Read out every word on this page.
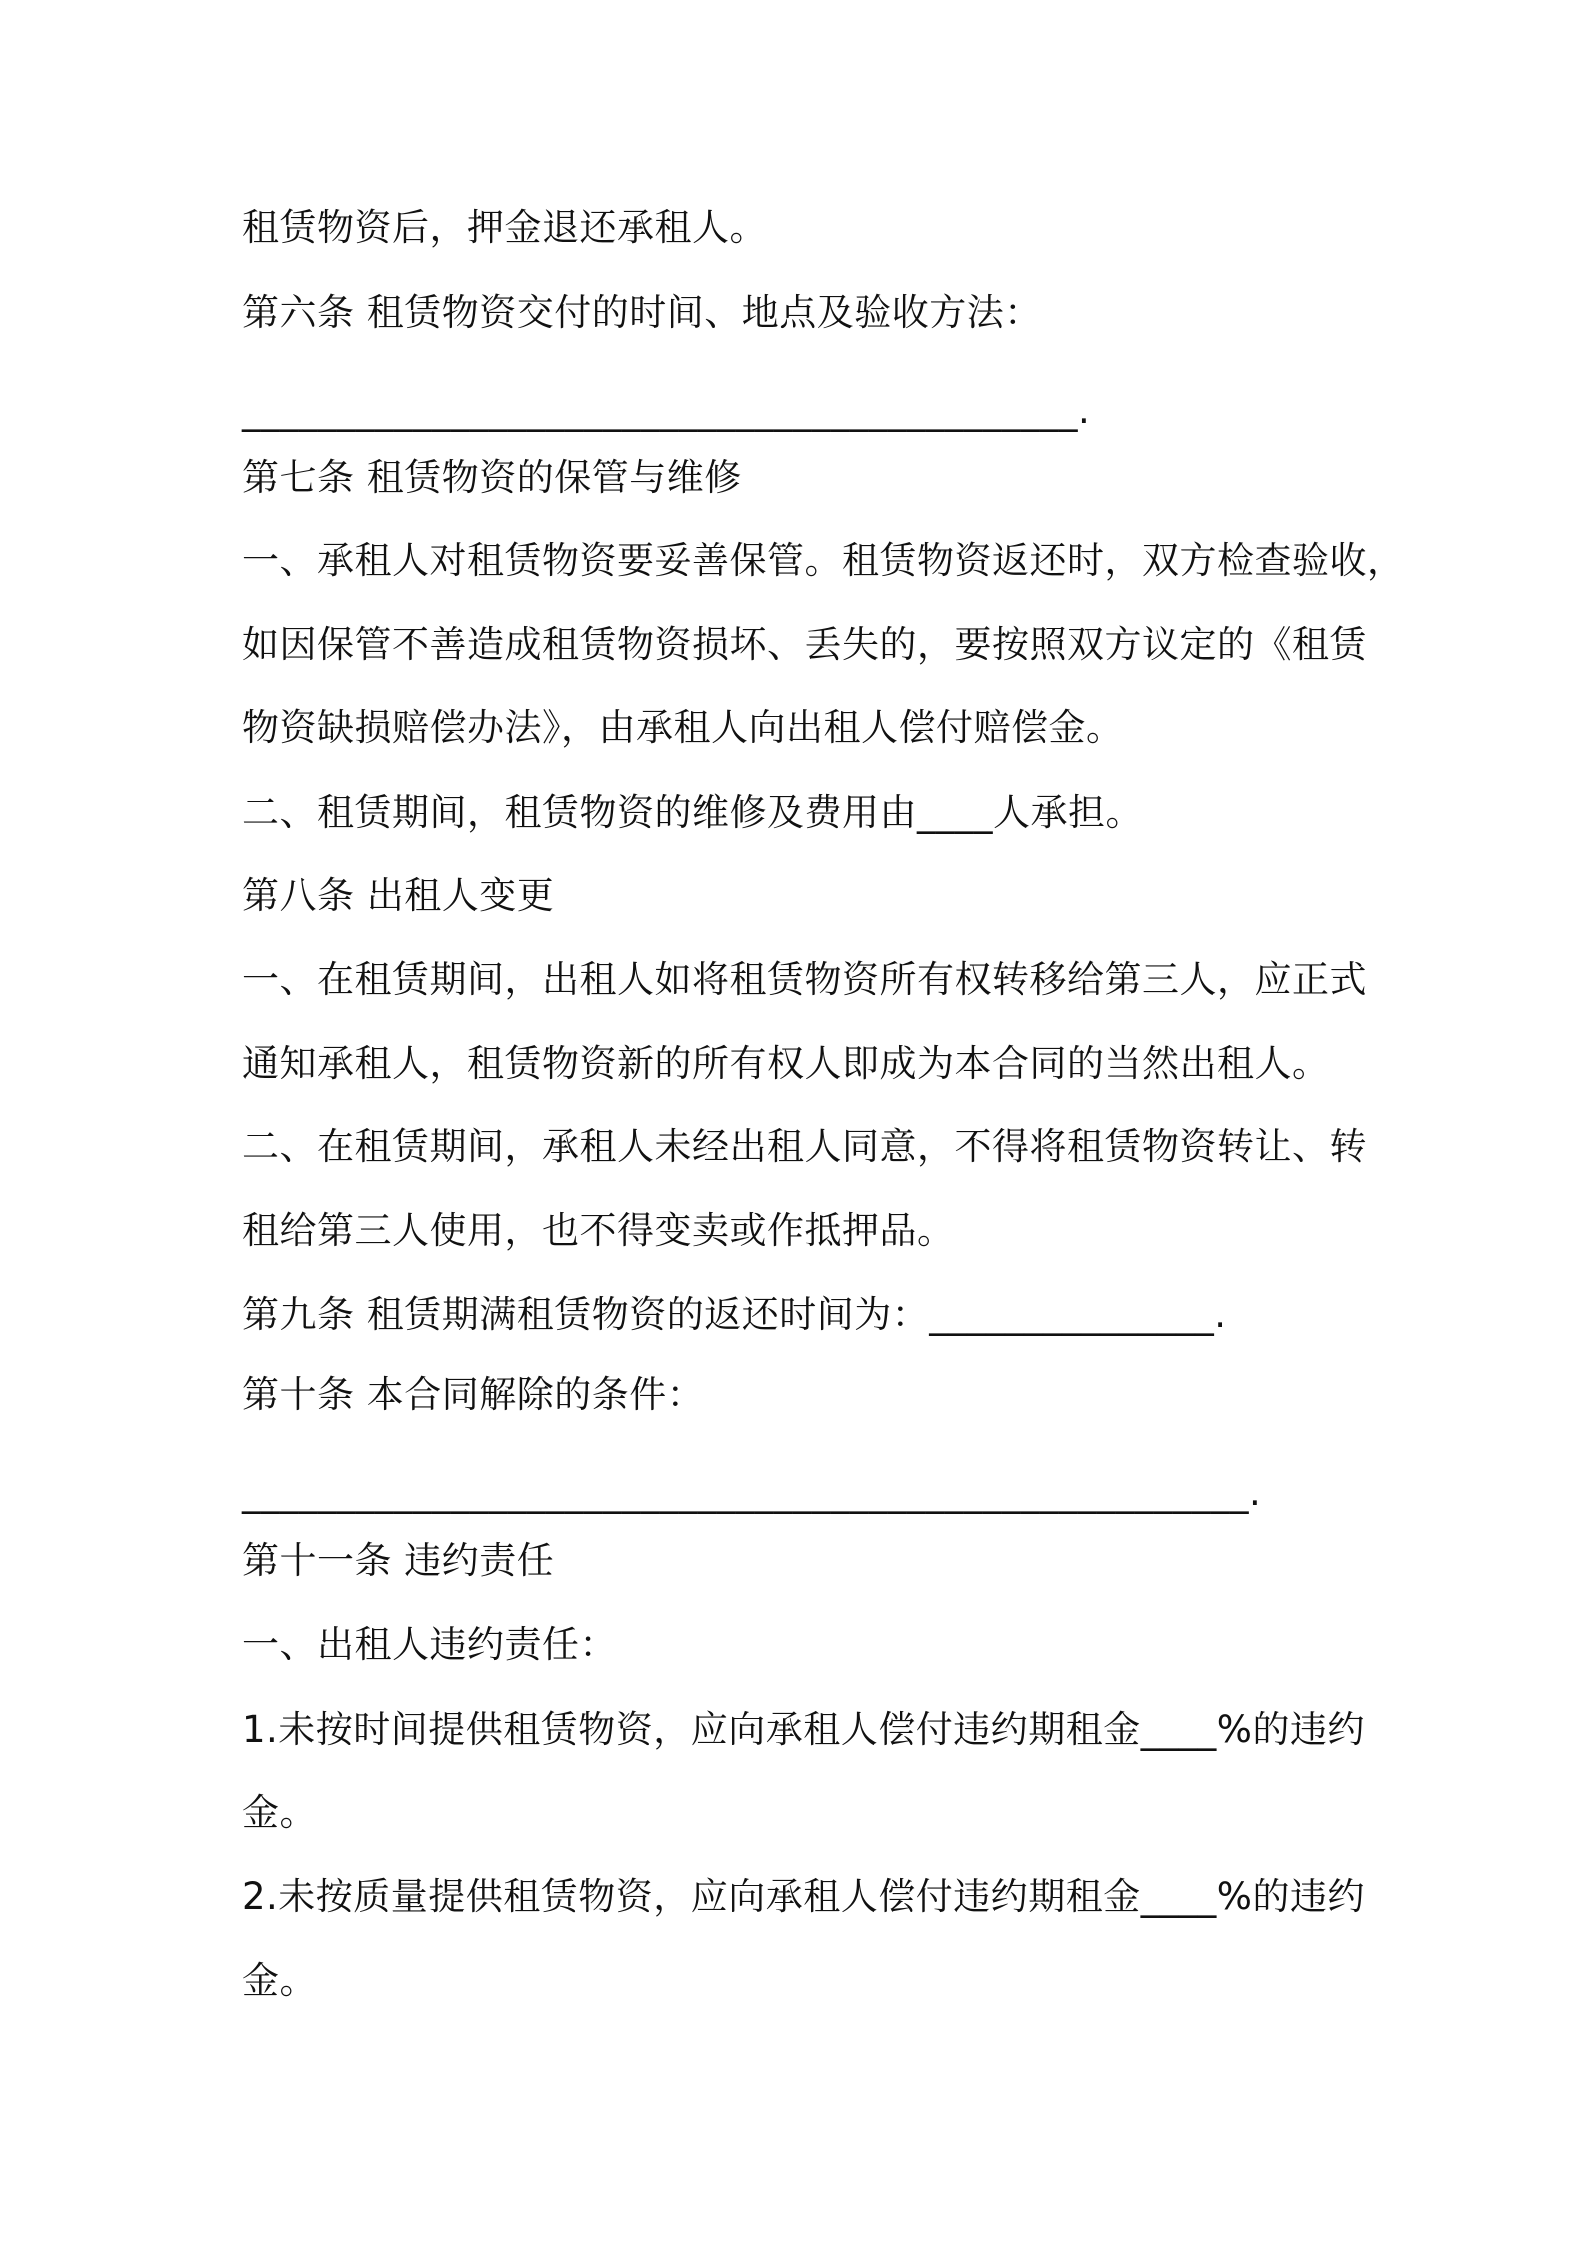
租赁物资后，押金退还承租人。
第六条 租赁物资交付的时间、地点及验收方法：
____________________________________________.
第七条 租赁物资的保管与维修
一、承租人对租赁物资要妥善保管。租赁物资返还时，双方检查验收，
如因保管不善造成租赁物资损坏、丢失的，要按照双方议定的《租赁
物资缺损赔偿办法》，由承租人向出租人偿付赔偿金。
二、租赁期间，租赁物资的维修及费用由____人承担。
第八条 出租人变更
一、在租赁期间，出租人如将租赁物资所有权转移给第三人，应正式
通知承租人，租赁物资新的所有权人即成为本合同的当然出租人。
二、在租赁期间，承租人未经出租人同意，不得将租赁物资转让、转
租给第三人使用，也不得变卖或作抵押品。
第九条 租赁期满租赁物资的返还时间为：_______________.
第十条 本合同解除的条件：
_____________________________________________________.
第十一条 违约责任
一、出租人违约责任：
1.未按时间提供租赁物资，应向承租人偿付违约期租金____%的违约
金。
2.未按质量提供租赁物资，应向承租人偿付违约期租金____%的违约
金。
